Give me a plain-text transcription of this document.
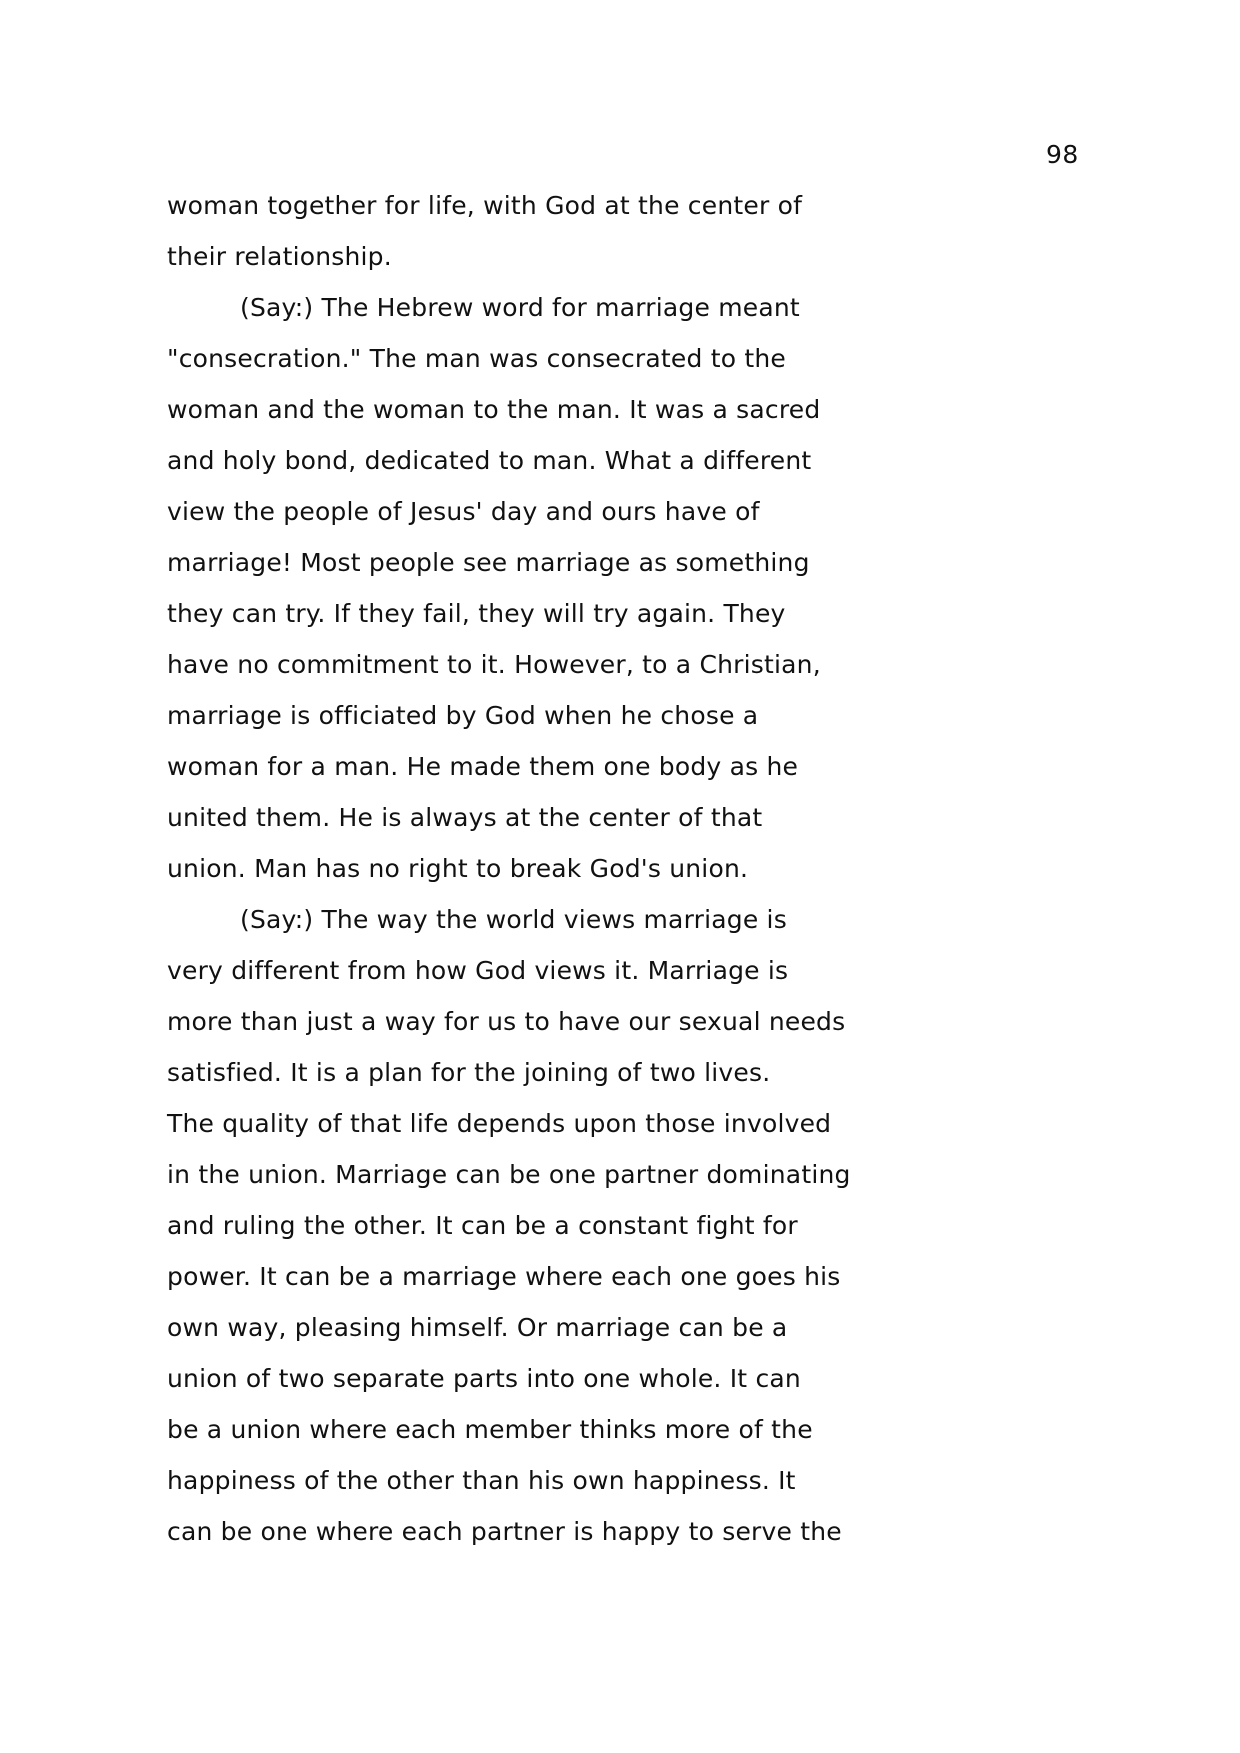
98
woman together for life, with God at the center of
their relationship.
(Say:) The Hebrew word for marriage meant
"consecration." The man was consecrated to the
woman and the woman to the man. It was a sacred
and holy bond, dedicated to man. What a different
view the people of Jesus' day and ours have of
marriage! Most people see marriage as something
they can try. If they fail, they will try again. They
have no commitment to it. However, to a Christian,
marriage is officiated by God when he chose a
woman for a man. He made them one body as he
united them. He is always at the center of that
union. Man has no right to break God's union.
(Say:) The way the world views marriage is
very different from how God views it. Marriage is
more than just a way for us to have our sexual needs
satisfied. It is a plan for the joining of two lives.
The quality of that life depends upon those involved
in the union. Marriage can be one partner dominating
and ruling the other. It can be a constant fight for
power. It can be a marriage where each one goes his
own way, pleasing himself. Or marriage can be a
union of two separate parts into one whole. It can
be a union where each member thinks more of the
happiness of the other than his own happiness. It
can be one where each partner is happy to serve the
